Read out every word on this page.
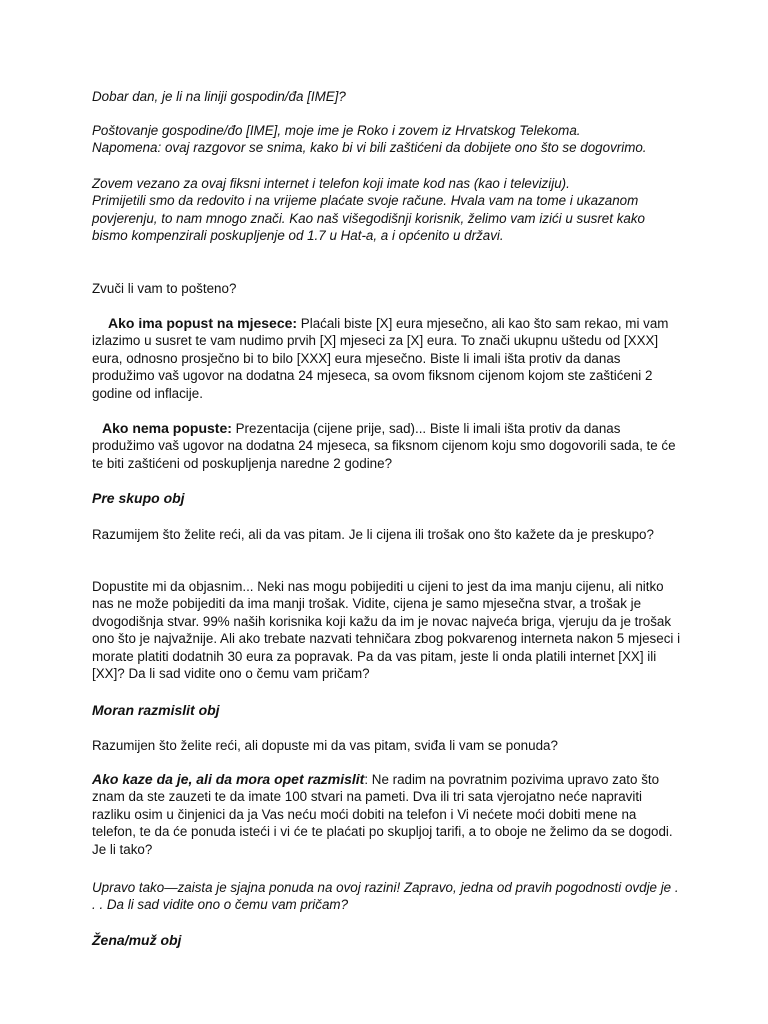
Dobar dan, je li na liniji gospodin/đa [IME]?

Poštovanje gospodine/đo [IME], moje ime je Roko i zovem iz Hrvatskog Telekoma.

Napomena: ovaj razgovor se snima, kako bi vi bili zaštićeni da dobijete ono što se dogovrimo.

Zovem vezano za ovaj fiksni internet i telefon koji imate kod nas (kao i televiziju).

Primijetili smo da redovito i na vrijeme plaćate svoje račune. Hvala vam na tome i ukazanom povjerenju, to nam mnogo znači. Kao naš višegodišnji korisnik, želimo vam izići u susret kako bismo kompenzirali poskupljenje od 1.7 u Hat-a, a i općenito u državi.

Zvuči li vam to pošteno?

Ako ima popust na mjesece: Plaćali biste [X] eura mjesečno, ali kao što sam rekao, mi vam izlazimo u susret te vam nudimo prvih [X] mjeseci za [X] eura. To znači ukupnu uštedu od [XXX] eura, odnosno prosječno bi to bilo [XXX] eura mjesečno. Biste li imali išta protiv da danas produžimo vaš ugovor na dodatna 24 mjeseca, sa ovom fiksnom cijenom kojom ste zaštićeni 2 godine od inflacije.

Ako nema popuste: Prezentacija (cijene prije, sad)... Biste li imali išta protiv da danas produžimo vaš ugovor na dodatna 24 mjeseca, sa fiksnom cijenom koju smo dogovorili sada, te će te biti zaštićeni od poskupljenja naredne 2 godine?

Pre skupo obj

Razumijem što želite reći, ali da vas pitam. Je li cijena ili trošak ono što kažete da je preskupo?

Dopustite mi da objasnim... Neki nas mogu pobijediti u cijeni to jest da ima manju cijenu, ali nitko nas ne može pobijediti da ima manji trošak. Vidite, cijena je samo mjesečna stvar, a trošak je dvogodišnja stvar. 99% naših korisnika koji kažu da im je novac najveća briga, vjeruju da je trošak ono što je najvažnije. Ali ako trebate nazvati tehničara zbog pokvarenog interneta nakon 5 mjeseci i morate platiti dodatnih 30 eura za popravak. Pa da vas pitam, jeste li onda platili internet [XX] ili [XX]? Da li sad vidite ono o čemu vam pričam?

Moran razmislit obj

Razumijen što želite reći, ali dopuste mi da vas pitam, sviđa li vam se ponuda?

Ako kaze da je, ali da mora opet razmislit: Ne radim na povratnim pozivima upravo zato što znam da ste zauzeti te da imate 100 stvari na pameti. Dva ili tri sata vjerojatno neće napraviti razliku osim u činjenici da ja Vas neću moći dobiti na telefon i Vi nećete moći dobiti mene na telefon, te da će ponuda isteći i vi će te plaćati po skupljoj tarifi, a to oboje ne želimo da se dogodi. Je li tako?

Upravo tako—zaista je sjajna ponuda na ovoj razini! Zapravo, jedna od pravih pogodnosti ovdje je . . . Da li sad vidite ono o čemu vam pričam?

Žena/muž obj
